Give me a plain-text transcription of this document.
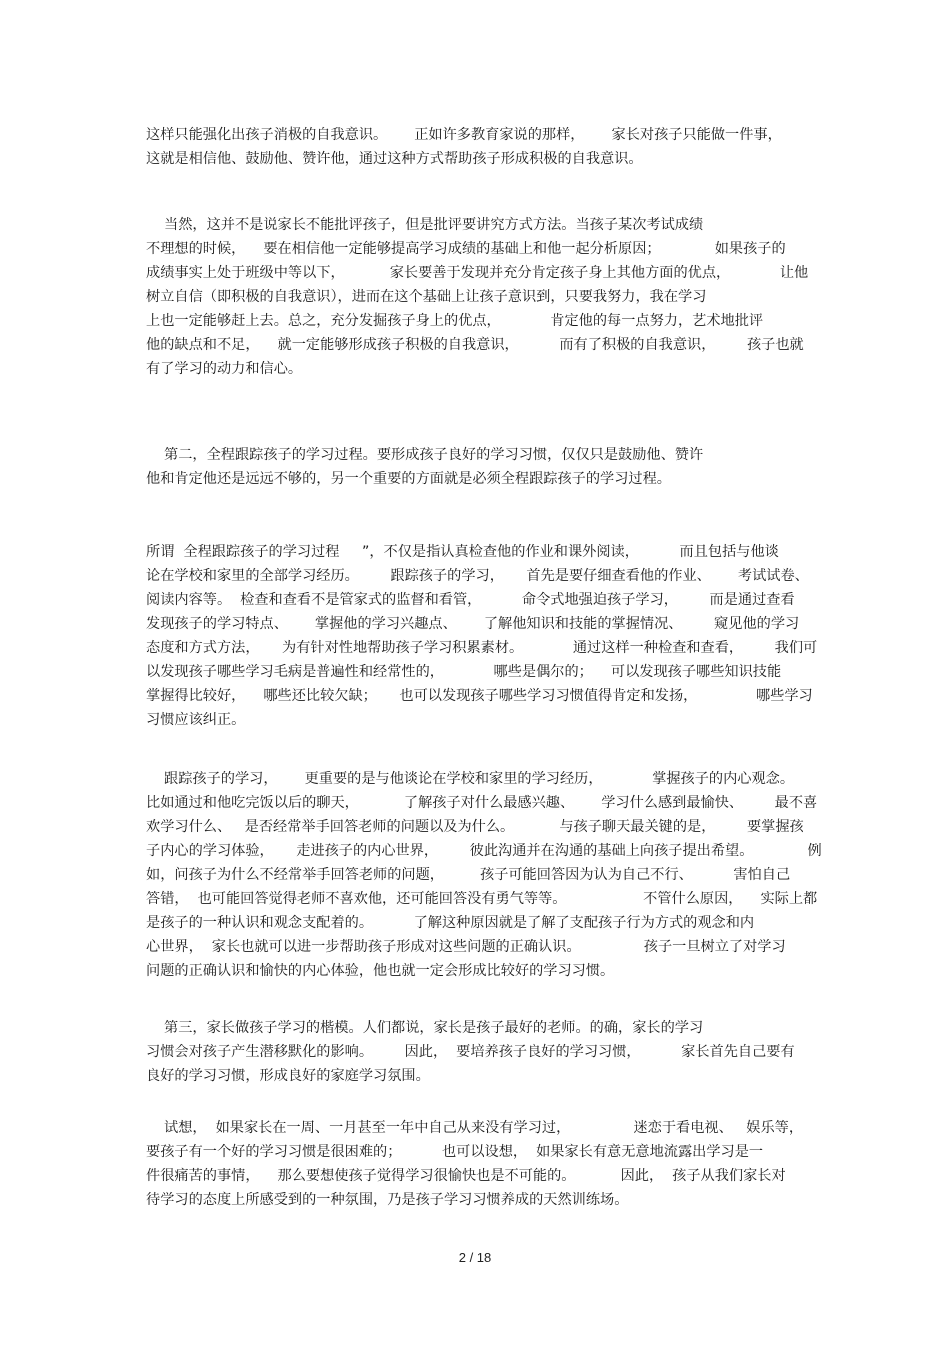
这样只能强化出孩子消极的自我意识。      正如许多教育家说的那样，      家长对孩子只能做一件事，
这就是相信他、鼓励他、赞许他，通过这种方式帮助孩子形成积极的自我意识。
当然，这并不是说家长不能批评孩子，但是批评要讲究方式方法。当孩子某次考试成绩
不理想的时候，    要在相信他一定能够提高学习成绩的基础上和他一起分析原因；            如果孩子的
成绩事实上处于班级中等以下，          家长要善于发现并充分肯定孩子身上其他方面的优点，           让他
树立自信（即积极的自我意识），进而在这个基础上让孩子意识到，只要我努力，我在学习
上也一定能够赶上去。总之，充分发掘孩子身上的优点，           肯定他的每一点努力，艺术地批评
他的缺点和不足，    就一定能够形成孩子积极的自我意识，         而有了积极的自我意识，       孩子也就
有了学习的动力和信心。
第二，全程跟踪孩子的学习过程。要形成孩子良好的学习习惯，仅仅只是鼓励他、赞许
他和肯定他还是远远不够的，另一个重要的方面就是必须全程跟踪孩子的学习过程。
所谓  全程跟踪孩子的学习过程     ”，不仅是指认真检查他的作业和课外阅读，         而且包括与他谈
论在学校和家里的全部学习经历。       跟踪孩子的学习，     首先是要仔细查看他的作业、      考试试卷、
阅读内容等。  检查和查看不是管家式的监督和看管，         命令式地强迫孩子学习，       而是通过查看
发现孩子的学习特点、      掌握他的学习兴趣点、      了解他知识和技能的掌握情况、       窥见他的学习
态度和方式方法，     为有针对性地帮助孩子学习积累素材。           通过这样一种检查和查看，       我们可
以发现孩子哪些学习毛病是普遍性和经常性的，           哪些是偶尔的；    可以发现孩子哪些知识技能
掌握得比较好，    哪些还比较欠缺；     也可以发现孩子哪些学习习惯值得肯定和发扬，             哪些学习
习惯应该纠正。
跟踪孩子的学习，      更重要的是与他谈论在学校和家里的学习经历，           掌握孩子的内心观念。
比如通过和他吃完饭以后的聊天，          了解孩子对什么最感兴趣、      学习什么感到最愉快、       最不喜
欢学习什么、   是否经常举手回答老师的问题以及为什么。          与孩子聊天最关键的是，       要掌握孩
子内心的学习体验，     走进孩子的内心世界，       彼此沟通并在沟通的基础上向孩子提出希望。            例
如，问孩子为什么不经常举手回答老师的问题，        孩子可能回答因为认为自己不行、         害怕自己
答错，  也可能回答觉得老师不喜欢他，还可能回答没有勇气等等。                 不管什么原因，    实际上都
是孩子的一种认识和观念支配着的。         了解这种原因就是了解了支配孩子行为方式的观念和内
心世界，  家长也就可以进一步帮助孩子形成对这些问题的正确认识。              孩子一旦树立了对学习
问题的正确认识和愉快的内心体验，他也就一定会形成比较好的学习习惯。
第三，家长做孩子学习的楷模。人们都说，家长是孩子最好的老师。的确，家长的学习
习惯会对孩子产生潜移默化的影响。       因此，  要培养孩子良好的学习习惯，         家长首先自己要有
良好的学习习惯，形成良好的家庭学习氛围。
试想，  如果家长在一周、一月甚至一年中自己从来没有学习过，              迷恋于看电视、   娱乐等，
要孩子有一个好的学习习惯是很困难的；         也可以设想，  如果家长有意无意地流露出学习是一
件很痛苦的事情，    那么要想使孩子觉得学习很愉快也是不可能的。          因此，  孩子从我们家长对
待学习的态度上所感受到的一种氛围，乃是孩子学习习惯养成的天然训练场。
2 / 18
